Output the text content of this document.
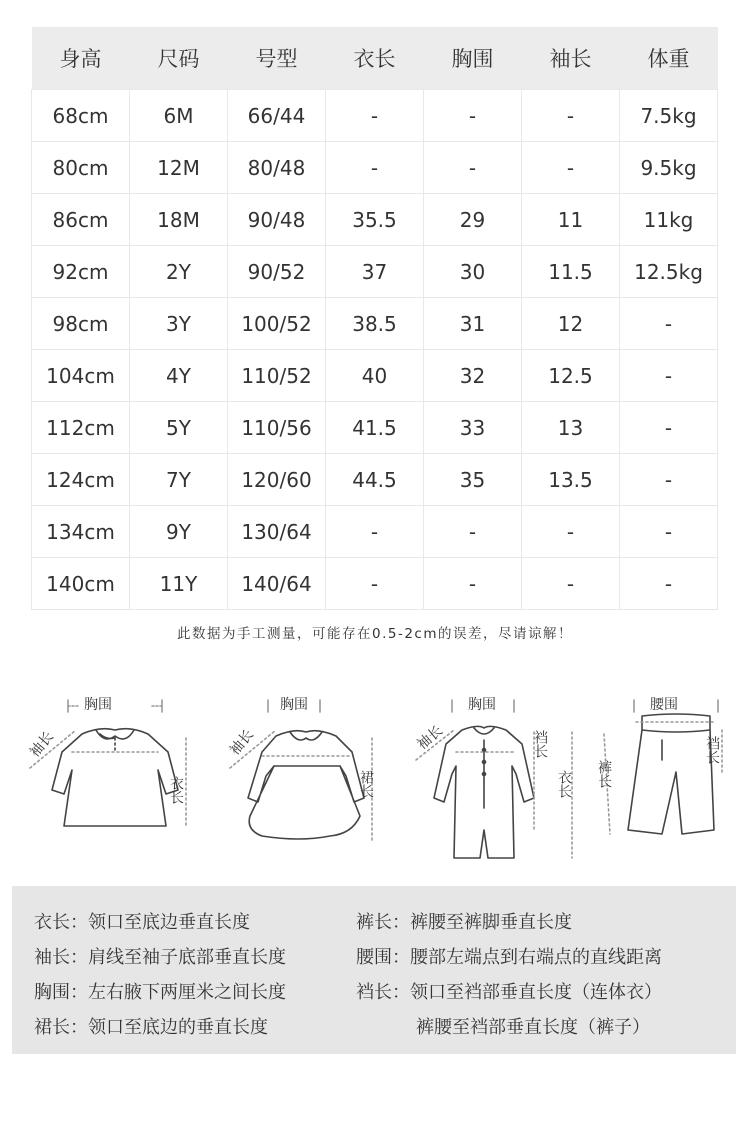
身高	尺码	号型	衣长	胸围	袖长	体重
68cm	6M	66/44	-	-	-	7.5kg
80cm	12M	80/48	-	-	-	9.5kg
86cm	18M	90/48	35.5	29	11	11kg
92cm	2Y	90/52	37	30	11.5	12.5kg
98cm	3Y	100/52	38.5	31	12	-
104cm	4Y	110/52	40	32	12.5	-
112cm	5Y	110/56	41.5	33	13	-
124cm	7Y	120/60	44.5	35	13.5	-
134cm	9Y	130/64	-	-	-	-
140cm	11Y	140/64	-	-	-	-
此数据为手工测量，可能存在0.5-2cm的误差，尽请谅解！
胸围	胸围	胸围	腰围
袖长	袖长	袖长
衣长	裙长
裆长
衣长 裤长
裆长
衣长：领口至底边垂直长度
袖长：肩线至袖子底部垂直长度
胸围：左右腋下两厘米之间长度
裙长：领口至底边的垂直长度
裤长：裤腰至裤脚垂直长度
腰围：腰部左端点到右端点的直线距离
裆长：领口至裆部垂直长度（连体衣）
裤腰至裆部垂直长度（裤子）
